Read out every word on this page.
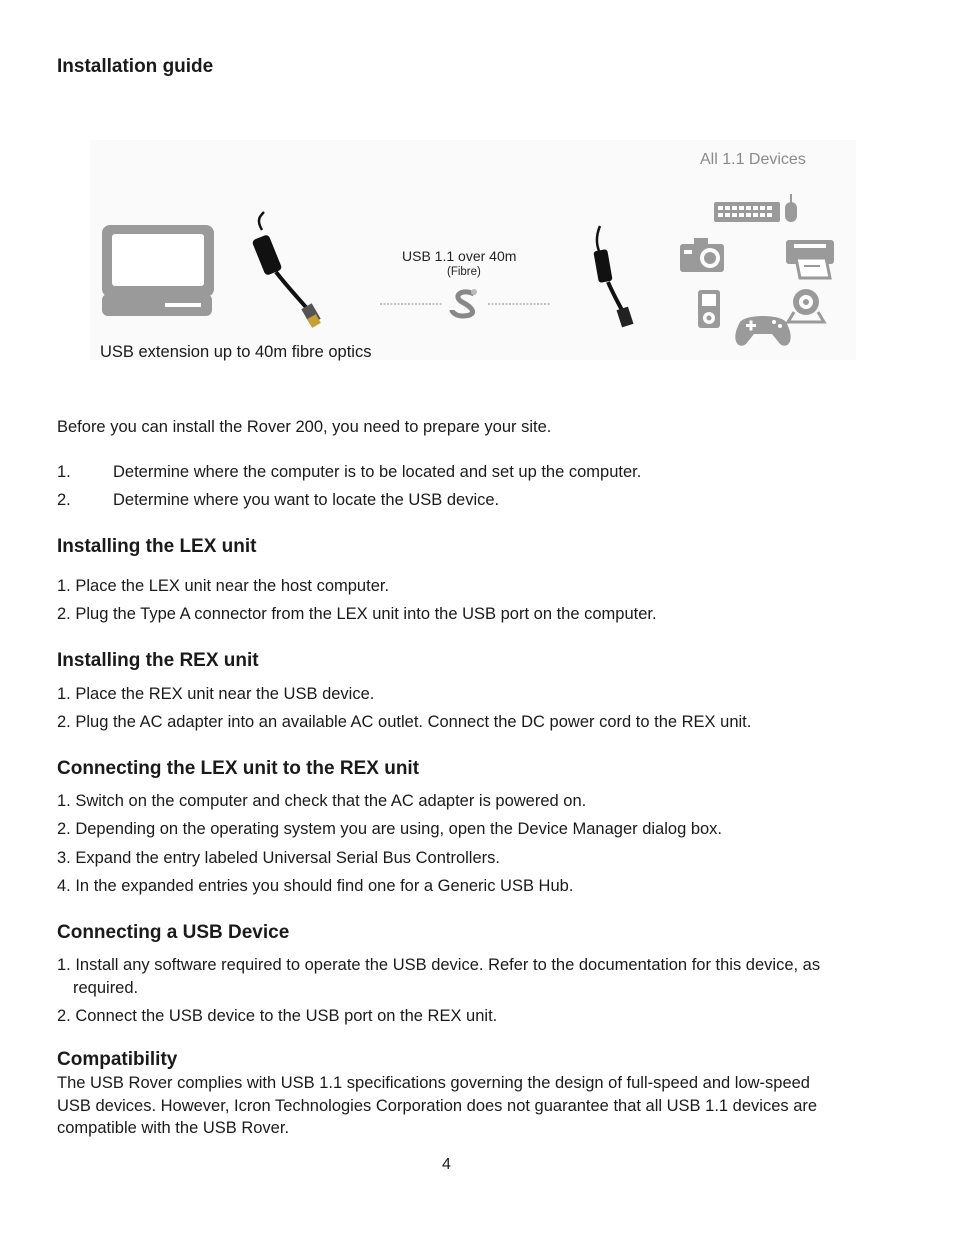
Installation guide
All 1.1 Devices
USB 1.1 over 40m
(Fibre)
USB extension up to 40m fibre optics
Before you can install the Rover 200, you need to prepare your site.
1.	Determine where the computer is to be located and set up the computer.
2.	Determine where you want to locate the USB device.
Installing the LEX unit
1. Place the LEX unit near the host computer.
2. Plug the Type A connector from the LEX unit into the USB port on the computer.
Installing the REX unit
1. Place the REX unit near the USB device.
2. Plug the AC adapter into an available AC outlet. Connect the DC power cord to the REX unit.
Connecting the LEX unit to the REX unit
1. Switch on the computer and check that the AC adapter is powered on.
2. Depending on the operating system you are using, open the Device Manager dialog box.
3. Expand the entry labeled Universal Serial Bus Controllers.
4. In the expanded entries you should find one for a Generic USB Hub.
Connecting a USB Device
1. Install any software required to operate the USB device. Refer to the documentation for this device, as
required.
2. Connect the USB device to the USB port on the REX unit.
Compatibility
The USB Rover complies with USB 1.1 specifications governing the design of full-speed and low-speed
USB devices. However, Icron Technologies Corporation does not guarantee that all USB 1.1 devices are
compatible with the USB Rover.
4
